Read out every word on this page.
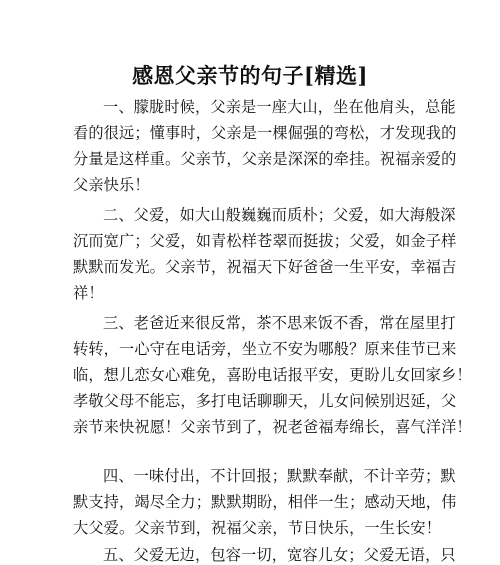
感恩父亲节的句子[精选]
一、朦胧时候，父亲是一座大山，坐在他肩头，总能
看的很远；懂事时，父亲是一棵倔强的弯松，才发现我的
分量是这样重。父亲节，父亲是深深的牵挂。祝福亲爱的
父亲快乐！
二、父爱，如大山般巍巍而质朴；父爱，如大海般深
沉而宽广；父爱，如青松样苍翠而挺拔；父爱，如金子样
默默而发光。父亲节，祝福天下好爸爸一生平安，幸福吉
祥！
三、老爸近来很反常，茶不思来饭不香，常在屋里打
转转，一心守在电话旁，坐立不安为哪般？原来佳节已来
临，想儿恋女心难免，喜盼电话报平安，更盼儿女回家乡！
孝敬父母不能忘，多打电话聊聊天，儿女问候别迟延，父
亲节来快祝愿！父亲节到了，祝老爸福寿绵长，喜气洋洋！
四、一味付出，不计回报；默默奉献，不计辛劳；默
默支持，竭尽全力；默默期盼，相伴一生；感动天地，伟
大父爱。父亲节到，祝福父亲，节日快乐，一生长安！
五、父爱无边，包容一切，宽容儿女；父爱无语，只
